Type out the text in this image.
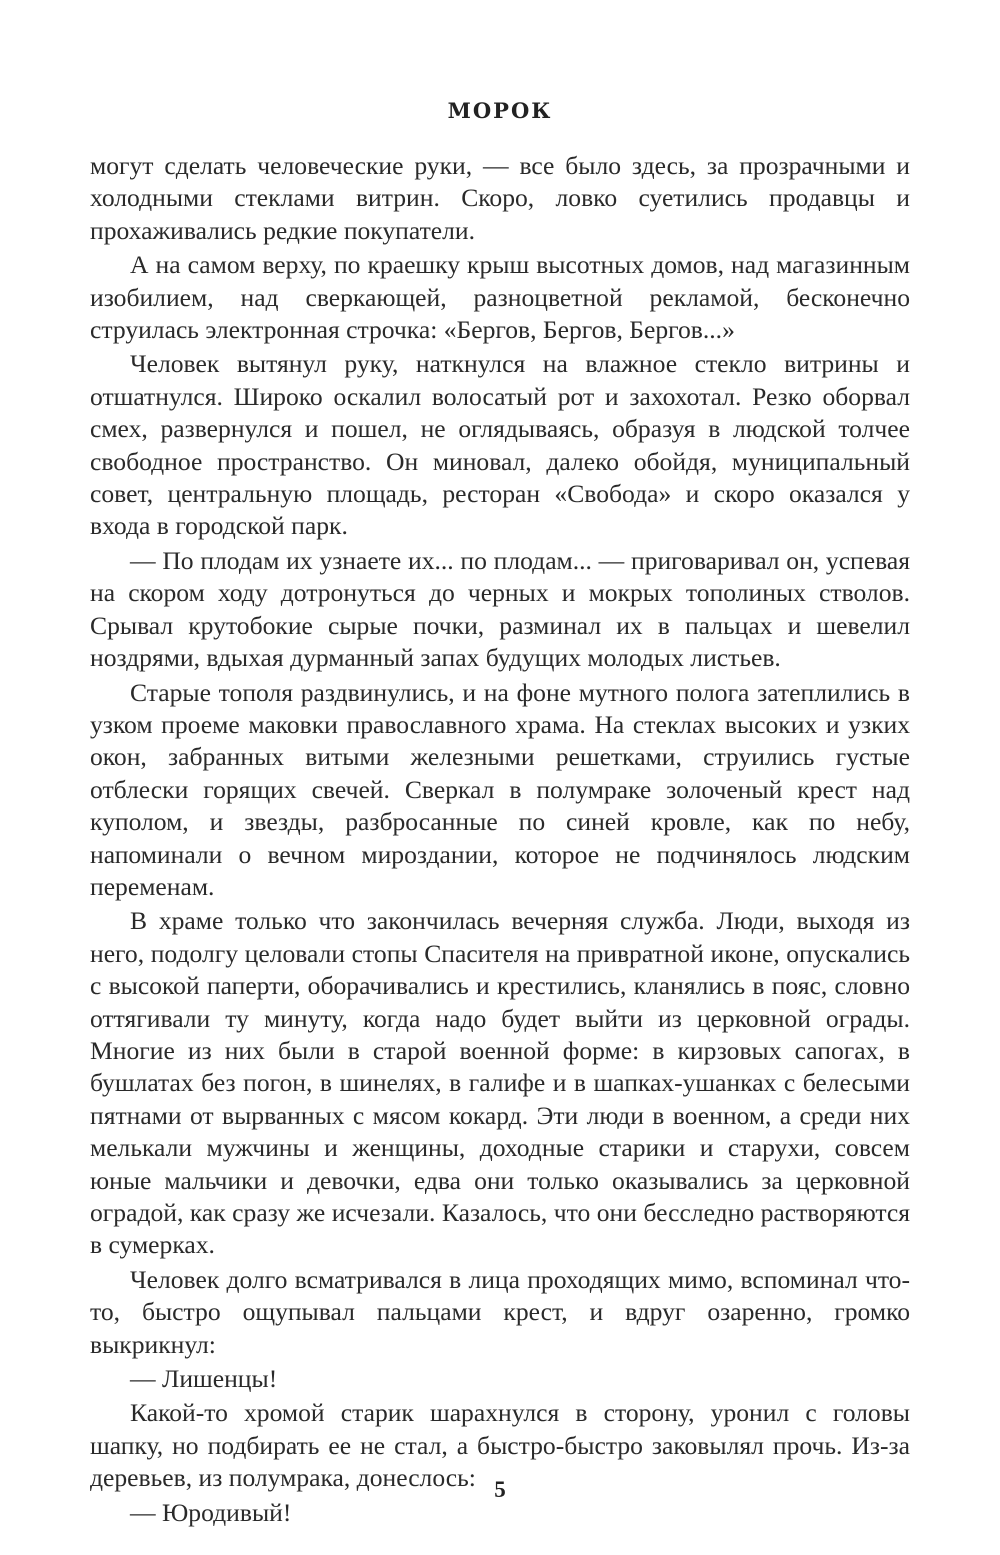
МОРОК

могут сделать человеческие руки, — все было здесь, за прозрачными и холодными стеклами витрин. Скоро, ловко суетились продавцы и прохаживались редкие покупатели.

А на самом верху, по краешку крыш высотных домов, над магазинным изобилием, над сверкающей, разноцветной рекламой, бесконечно струилась электронная строчка: «Бергов, Бергов, Бергов...»

Человек вытянул руку, наткнулся на влажное стекло витрины и отшатнулся. Широко оскалил волосатый рот и захохотал. Резко оборвал смех, развернулся и пошел, не оглядываясь, образуя в людской толчее свободное пространство. Он миновал, далеко обойдя, муниципальный совет, центральную площадь, ресторан «Свобода» и скоро оказался у входа в городской парк.

— По плодам их узнаете их... по плодам... — приговаривал он, успевая на скором ходу дотронуться до черных и мокрых тополиных стволов. Срывал крутобокие сырые почки, разминал их в пальцах и шевелил ноздрями, вдыхая дурманный запах будущих молодых листьев.

Старые тополя раздвинулись, и на фоне мутного полога затеплились в узком проеме маковки православного храма. На стеклах высоких и узких окон, забранных витыми железными решетками, струились густые отблески горящих свечей. Сверкал в полумраке золоченый крест над куполом, и звезды, разбросанные по синей кровле, как по небу, напоминали о вечном мироздании, которое не подчинялось людским переменам.

В храме только что закончилась вечерняя служба. Люди, выходя из него, подолгу целовали стопы Спасителя на привратной иконе, опускались с высокой паперти, оборачивались и крестились, кланялись в пояс, словно оттягивали ту минуту, когда надо будет выйти из церковной ограды. Многие из них были в старой военной форме: в кирзовых сапогах, в бушлатах без погон, в шинелях, в галифе и в шапках-ушанках с белесыми пятнами от вырванных с мясом кокард. Эти люди в военном, а среди них мелькали мужчины и женщины, доходные старики и старухи, совсем юные мальчики и девочки, едва они только оказывались за церковной оградой, как сразу же исчезали. Казалось, что они бесследно растворяются в сумерках.

Человек долго всматривался в лица проходящих мимо, вспоминал что-то, быстро ощупывал пальцами крест, и вдруг озаренно, громко выкрикнул:

— Лишенцы!

Какой-то хромой старик шарахнулся в сторону, уронил с головы шапку, но подбирать ее не стал, а быстро-быстро заковылял прочь. Из-за деревьев, из полумрака, донеслось:

— Юродивый!

5
